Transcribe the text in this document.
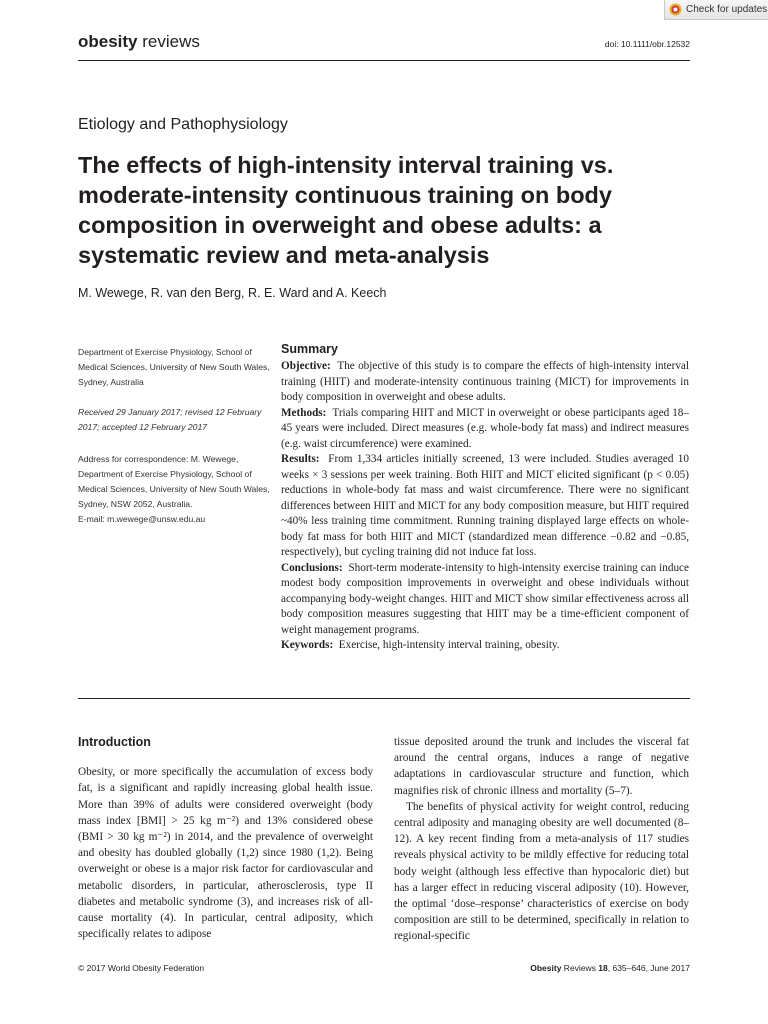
Check for updates
obesity reviews	doi: 10.1111/obr.12532
Etiology and Pathophysiology
The effects of high-intensity interval training vs. moderate-intensity continuous training on body composition in overweight and obese adults: a systematic review and meta-analysis
M. Wewege, R. van den Berg, R. E. Ward and A. Keech

Department of Exercise Physiology, School of Medical Sciences, University of New South Wales, Sydney, Australia

Received 29 January 2017; revised 12 February 2017; accepted 12 February 2017

Address for correspondence: M. Wewege, Department of Exercise Physiology, School of Medical Sciences, University of New South Wales, Sydney, NSW 2052, Australia.

E-mail: m.wewege@unsw.edu.au

Summary

Objective: The objective of this study is to compare the effects of high-intensity interval training (HIIT) and moderate-intensity continuous training (MICT) for improvements in body composition in overweight and obese adults.

Methods: Trials comparing HIIT and MICT in overweight or obese participants aged 18–45 years were included. Direct measures (e.g. whole-body fat mass) and indirect measures (e.g. waist circumference) were examined.

Results: From 1,334 articles initially screened, 13 were included. Studies averaged 10 weeks × 3 sessions per week training. Both HIIT and MICT elicited significant (p < 0.05) reductions in whole-body fat mass and waist circumference. There were no significant differences between HIIT and MICT for any body composition measure, but HIIT required ~40% less training time commitment. Running training displayed large effects on whole-body fat mass for both HIIT and MICT (standardized mean difference −0.82 and −0.85, respectively), but cycling training did not induce fat loss.

Conclusions: Short-term moderate-intensity to high-intensity exercise training can induce modest body composition improvements in overweight and obese individuals without accompanying body-weight changes. HIIT and MICT show similar effectiveness across all body composition measures suggesting that HIIT may be a time-efficient component of weight management programs.

Keywords: Exercise, high-intensity interval training, obesity.

Introduction

Obesity, or more specifically the accumulation of excess body fat, is a significant and rapidly increasing global health issue. More than 39% of adults were considered overweight (body mass index [BMI] > 25 kg m⁻²) and 13% considered obese (BMI > 30 kg m⁻²) in 2014, and the prevalence of overweight and obesity has doubled globally (1,2) since 1980 (1,2). Being overweight or obese is a major risk factor for cardiovascular and metabolic disorders, in particular, atherosclerosis, type II diabetes and metabolic syndrome (3), and increases risk of all-cause mortality (4). In particular, central adiposity, which specifically relates to adipose

tissue deposited around the trunk and includes the visceral fat around the central organs, induces a range of negative adaptations in cardiovascular structure and function, which magnifies risk of chronic illness and mortality (5–7).

The benefits of physical activity for weight control, reducing central adiposity and managing obesity are well documented (8–12). A key recent finding from a meta-analysis of 117 studies reveals physical activity to be mildly effective for reducing total body weight (although less effective than hypocaloric diet) but has a larger effect in reducing visceral adiposity (10). However, the optimal ‘dose–response’ characteristics of exercise on body composition are still to be determined, specifically in relation to regional-specific

© 2017 World Obesity Federation	Obesity Reviews 18, 635–646, June 2017
